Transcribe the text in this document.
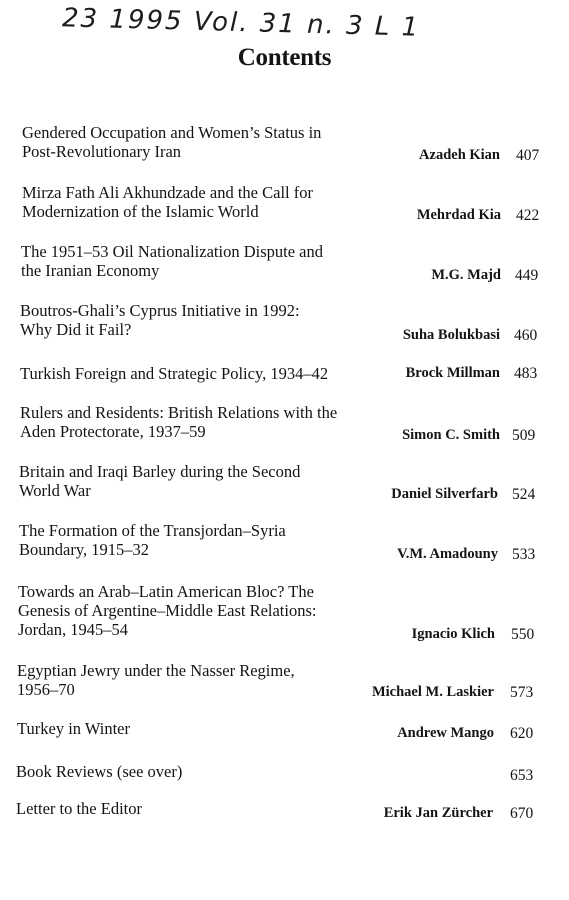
23 1995 Vol. 31 n. 3 L 1
Contents
Gendered Occupation and Women’s Status in
Post-Revolutionary Iran	Azadeh Kian 407
Mirza Fath Ali Akhundzade and the Call for
Modernization of the Islamic World	Mehrdad Kia 422
The 1951–53 Oil Nationalization Dispute and
the Iranian Economy	M.G. Majd 449
Boutros-Ghali’s Cyprus Initiative in 1992:
Why Did it Fail?	Suha Bolukbasi 460
Turkish Foreign and Strategic Policy, 1934–42	Brock Millman 483
Rulers and Residents: British Relations with the
Aden Protectorate, 1937–59	Simon C. Smith 509
Britain and Iraqi Barley during the Second
World War	Daniel Silverfarb 524
The Formation of the Transjordan–Syria
Boundary, 1915–32	V.M. Amadouny 533
Towards an Arab–Latin American Bloc? The
Genesis of Argentine–Middle East Relations:
Jordan, 1945–54	Ignacio Klich 550
Egyptian Jewry under the Nasser Regime,
1956–70	Michael M. Laskier 573
Turkey in Winter	Andrew Mango 620
Book Reviews (see over)	653
Letter to the Editor	Erik Jan Zürcher 670
